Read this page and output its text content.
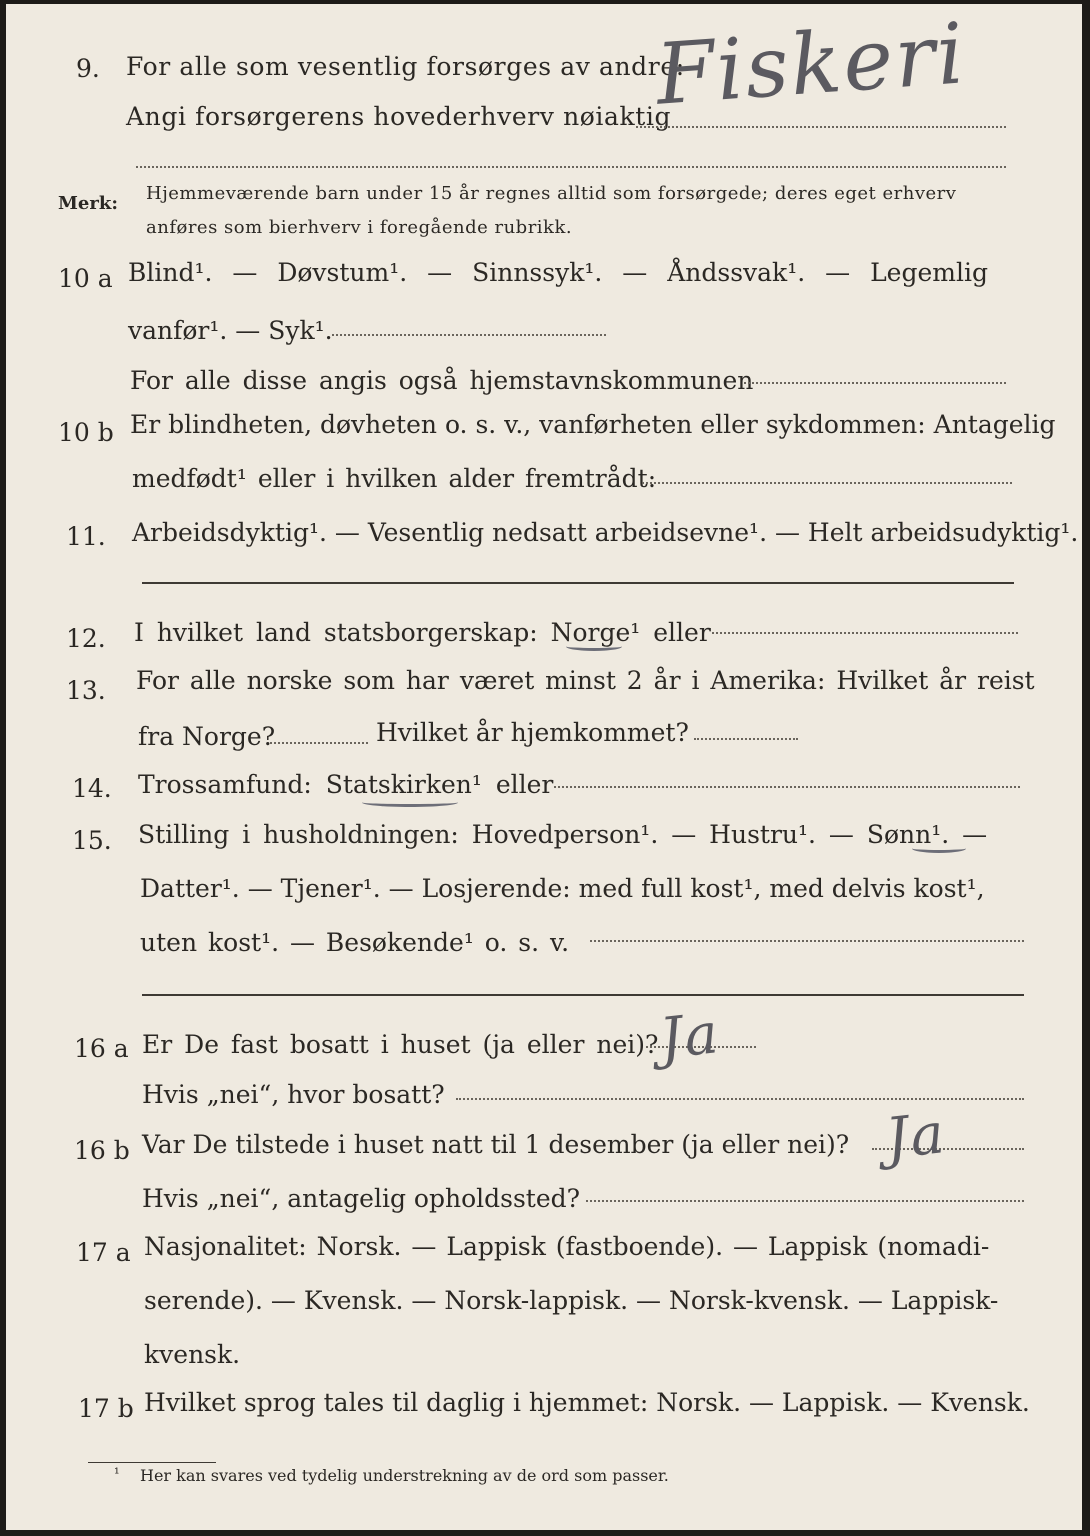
9. For alle som vesentlig forsørges av andre:
Angi forsørgerens hovederhverv nøiaktig
Fiskeri
Merk: Hjemmeværende barn under 15 år regnes alltid som forsørgede; deres eget erhverv
anføres som bierhverv i foregående rubrikk.
10 a Blind¹. — Døvstum¹. — Sinnssyk¹. — Åndssvak¹. — Legemlig
vanfør¹. — Syk¹.
For alle disse angis også hjemstavnskommunen
10 b Er blindheten, døvheten o. s. v., vanførheten eller sykdommen: Antagelig
medfødt¹ eller i hvilken alder fremtrådt:
11. Arbeidsdyktig¹. — Vesentlig nedsatt arbeidsevne¹. — Helt arbeidsudyktig¹.
12. I hvilket land statsborgerskap: Norge¹ eller
13. For alle norske som har været minst 2 år i Amerika: Hvilket år reist
fra Norge?	Hvilket år hjemkommet?
14. Trossamfund: Statskirken¹ eller
15. Stilling i husholdningen: Hovedperson¹. — Hustru¹. — Sønn¹. —
Datter¹. — Tjener¹. — Losjerende: med full kost¹, med delvis kost¹,
uten kost¹. — Besøkende¹ o. s. v.
16 a Er De fast bosatt i huset (ja eller nei)?
Ja
Hvis „nei“, hvor bosatt?
16 b Var De tilstede i huset natt til 1 desember (ja eller nei)? Ja
Hvis „nei“, antagelig opholdssted?
17 a Nasjonalitet: Norsk. — Lappisk (fastboende). — Lappisk (nomadi-
serende). — Kvensk. — Norsk-lappisk. — Norsk-kvensk. — Lappisk-
kvensk.
17 b Hvilket sprog tales til daglig i hjemmet: Norsk. — Lappisk. — Kvensk.
¹ Her kan svares ved tydelig understrekning av de ord som passer.
